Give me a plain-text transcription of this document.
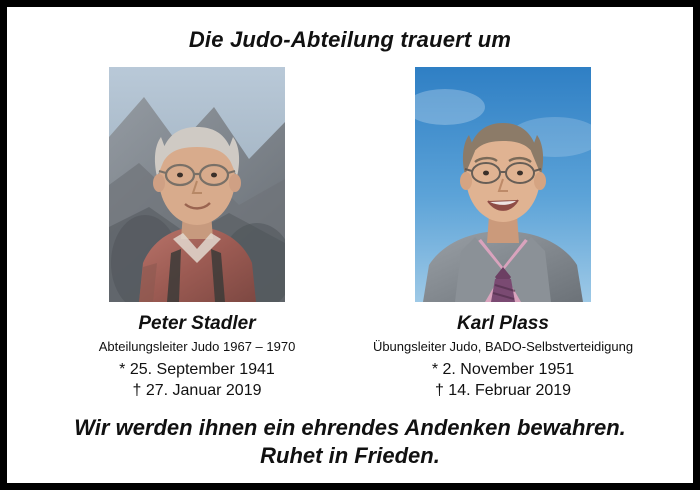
Die Judo-Abteilung trauert um
Peter Stadler
Abteilungsleiter Judo 1967 – 1970
* 25. September 1941
† 27. Januar 2019
Karl Plass
Übungsleiter Judo, BADO-Selbstverteidigung
* 2. November 1951
† 14. Februar 2019
Wir werden ihnen ein ehrendes Andenken bewahren.
Ruhet in Frieden.
